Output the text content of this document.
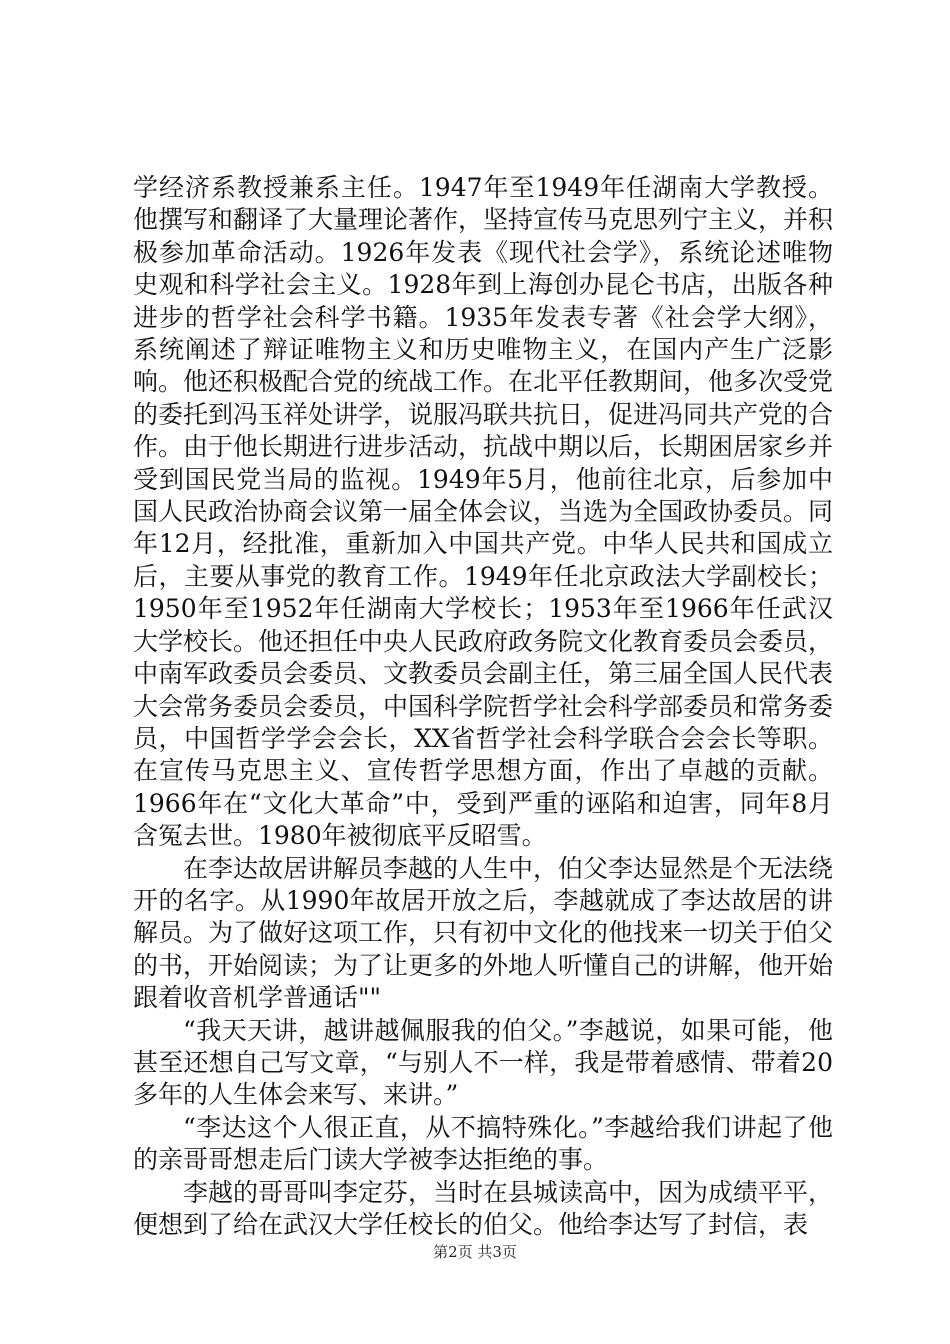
学经济系教授兼系主任。1947年至1949年任湖南大学教授。他撰写和翻译了大量理论著作，坚持宣传马克思列宁主义，并积极参加革命活动。1926年发表《现代社会学》，系统论述唯物史观和科学社会主义。1928年到上海创办昆仑书店，出版各种进步的哲学社会科学书籍。1935年发表专著《社会学大纲》，系统阐述了辩证唯物主义和历史唯物主义，在国内产生广泛影响。他还积极配合党的统战工作。在北平任教期间，他多次受党的委托到冯玉祥处讲学，说服冯联共抗日，促进冯同共产党的合作。由于他长期进行进步活动，抗战中期以后，长期困居家乡并受到国民党当局的监视。1949年5月，他前往北京，后参加中国人民政治协商会议第一届全体会议，当选为全国政协委员。同年12月，经批准，重新加入中国共产党。中华人民共和国成立后，主要从事党的教育工作。1949年任北京政法大学副校长；1950年至1952年任湖南大学校长；1953年至1966年任武汉大学校长。他还担任中央人民政府政务院文化教育委员会委员，中南军政委员会委员、文教委员会副主任，第三届全国人民代表大会常务委员会委员，中国科学院哲学社会科学部委员和常务委员，中国哲学学会会长，XX省哲学社会科学联合会会长等职。在宣传马克思主义、宣传哲学思想方面，作出了卓越的贡献。1966年在“文化大革命”中，受到严重的诬陷和迫害，同年8月含冤去世。1980年被彻底平反昭雪。

在李达故居讲解员李越的人生中，伯父李达显然是个无法绕开的名字。从1990年故居开放之后，李越就成了李达故居的讲解员。为了做好这项工作，只有初中文化的他找来一切关于伯父的书，开始阅读；为了让更多的外地人听懂自己的讲解，他开始跟着收音机学普通话""

“我天天讲，越讲越佩服我的伯父。”李越说，如果可能，他甚至还想自己写文章，“与别人不一样，我是带着感情、带着20多年的人生体会来写、来讲。”

“李达这个人很正直，从不搞特殊化。”李越给我们讲起了他的亲哥哥想走后门读大学被李达拒绝的事。

李越的哥哥叫李定芬，当时在县城读高中，因为成绩平平，便想到了给在武汉大学任校长的伯父。他给李达写了封信，表

第2页 共3页
